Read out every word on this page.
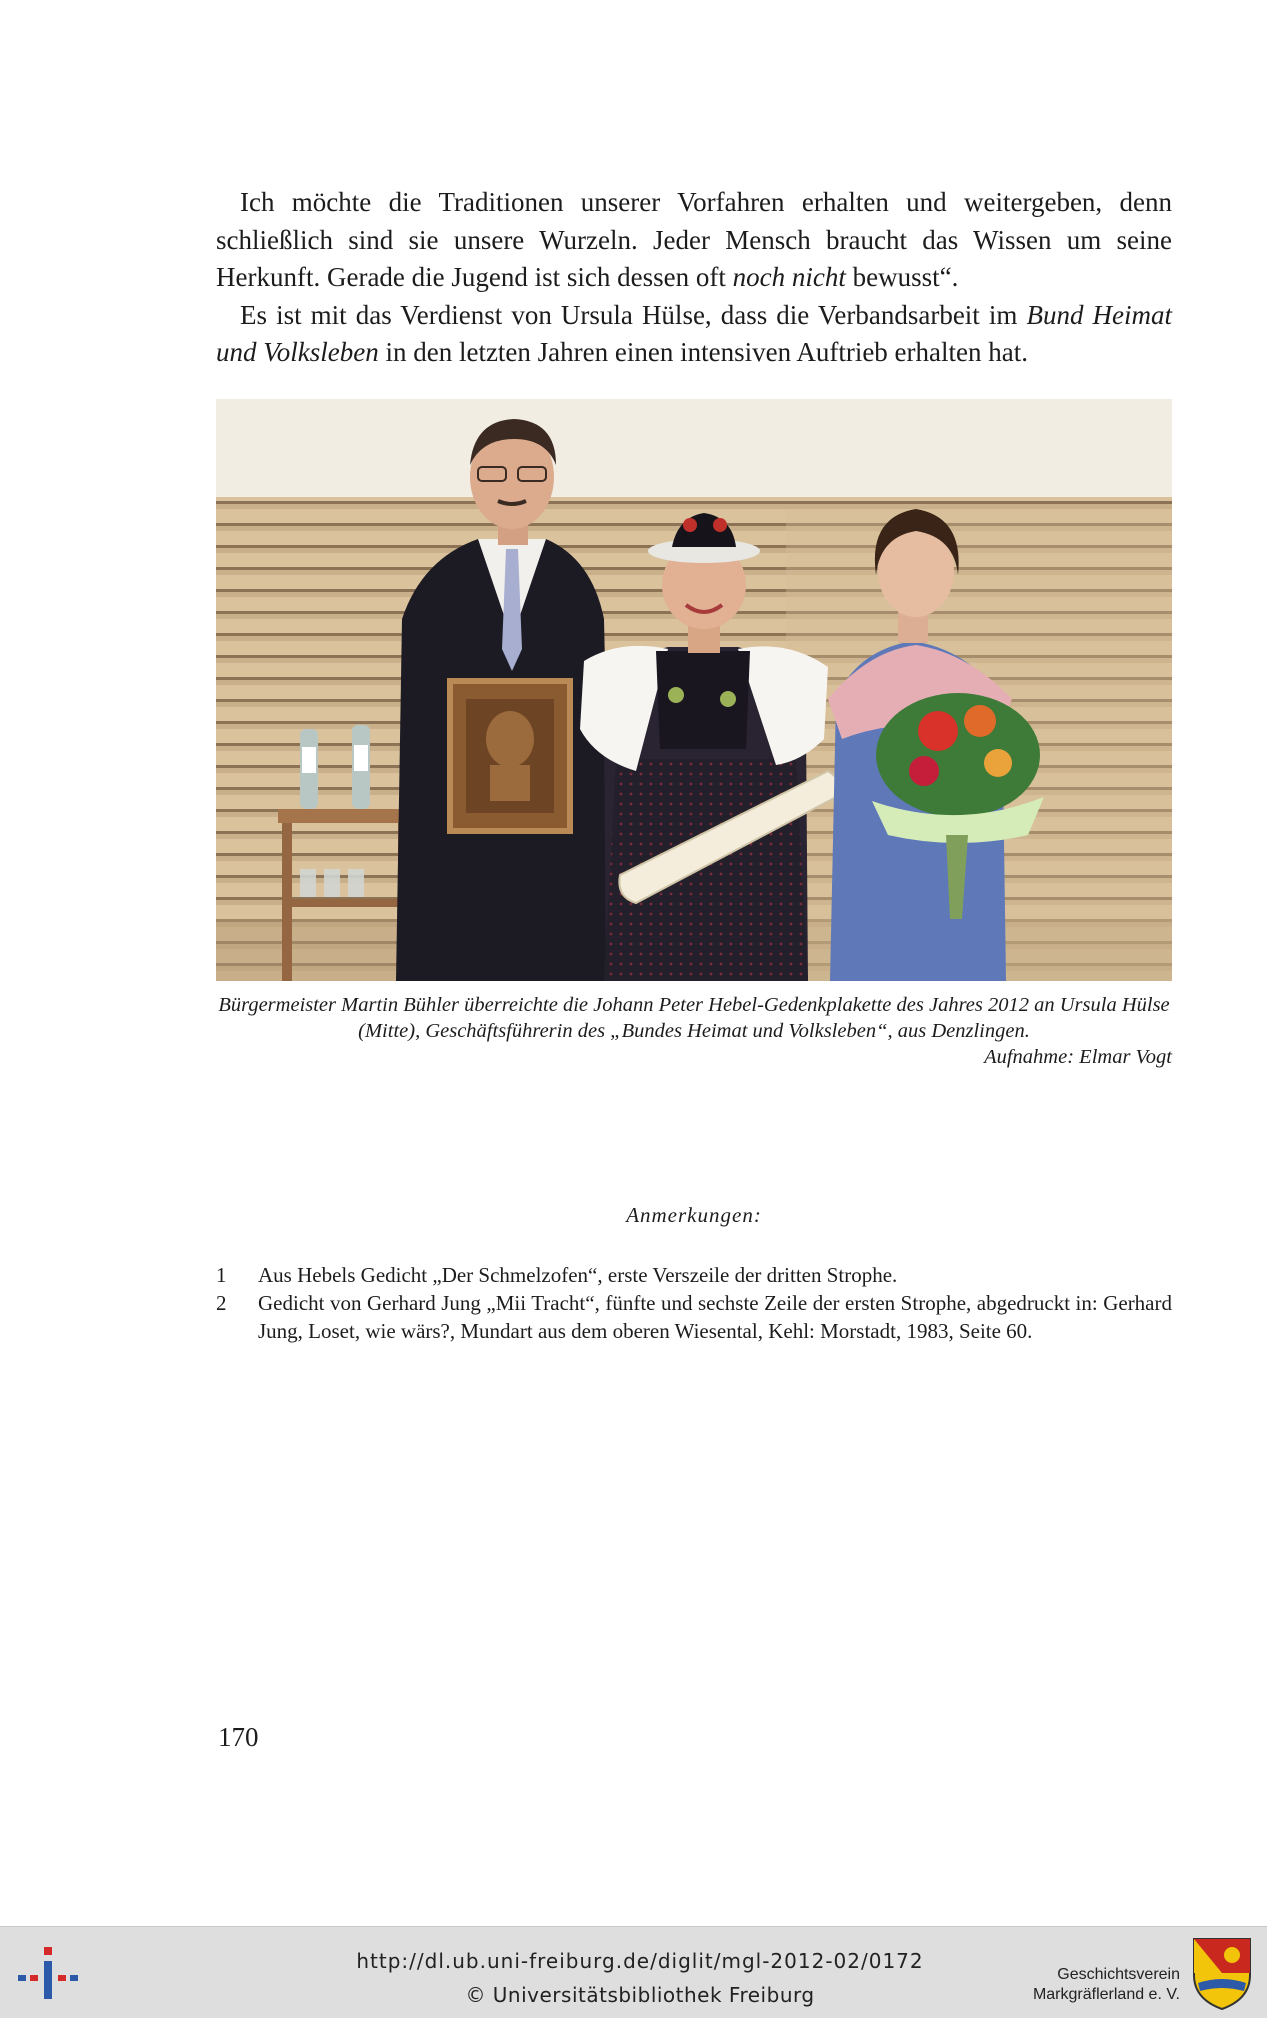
Ich möchte die Traditionen unserer Vorfahren erhalten und weitergeben, denn schließlich sind sie unsere Wurzeln. Jeder Mensch braucht das Wissen um seine Herkunft. Gerade die Jugend ist sich dessen oft noch nicht bewusst“.

Es ist mit das Verdienst von Ursula Hülse, dass die Verbandsarbeit im Bund Heimat und Volksleben in den letzten Jahren einen intensiven Auftrieb erhalten hat.

Bürgermeister Martin Bühler überreichte die Johann Peter Hebel-Gedenkplakette des Jahres 2012 an Ursula Hülse (Mitte), Geschäftsführerin des „Bundes Heimat und Volksleben“, aus Denzlingen.
Aufnahme: Elmar Vogt
Anmerkungen:
1	Aus Hebels Gedicht „Der Schmelzofen“, erste Verszeile der dritten Strophe.
2	Gedicht von Gerhard Jung „Mii Tracht“, fünfte und sechste Zeile der ersten Strophe, abgedruckt in: Gerhard Jung, Loset, wie wärs?, Mundart aus dem oberen Wiesental, Kehl: Morstadt, 1983, Seite 60.
170
http://dl.ub.uni-freiburg.de/diglit/mgl-2012-02/0172
© Universitätsbibliothek Freiburg
Geschichtsverein
Markgräflerland e. V.
